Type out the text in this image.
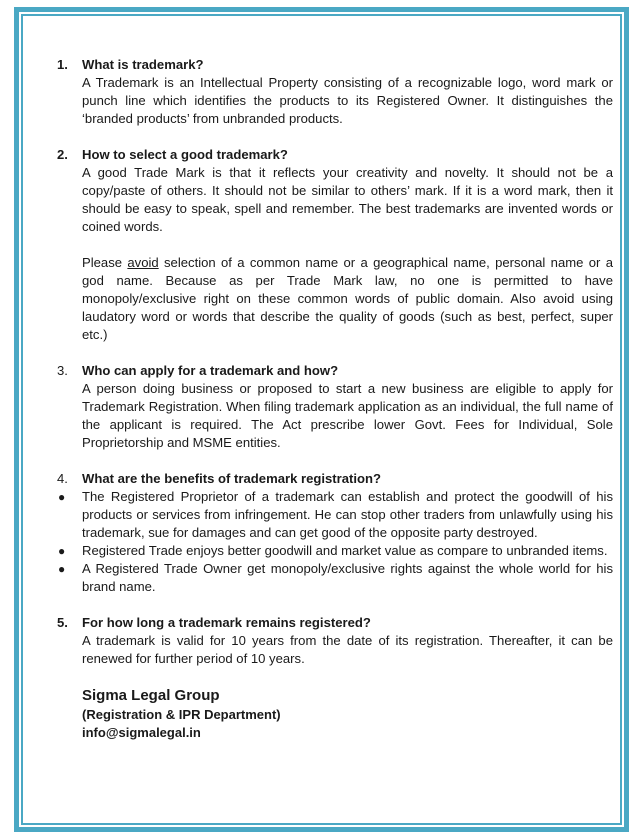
1. What is trademark?
A Trademark is an Intellectual Property consisting of a recognizable logo, word mark or punch line which identifies the products to its Registered Owner. It distinguishes the ‘branded products’ from unbranded products.
2. How to select a good trademark?
A good Trade Mark is that it reflects your creativity and novelty. It should not be a copy/paste of others. It should not be similar to others’ mark. If it is a word mark, then it should be easy to speak, spell and remember. The best trademarks are invented words or coined words.
Please avoid selection of a common name or a geographical name, personal name or a god name. Because as per Trade Mark law, no one is permitted to have monopoly/exclusive right on these common words of public domain. Also avoid using laudatory word or words that describe the quality of goods (such as best, perfect, super etc.)
3. Who can apply for a trademark and how?
A person doing business or proposed to start a new business are eligible to apply for Trademark Registration. When filing trademark application as an individual, the full name of the applicant is required. The Act prescribe lower Govt. Fees for Individual, Sole Proprietorship and MSME entities.
4. What are the benefits of trademark registration?
● The Registered Proprietor of a trademark can establish and protect the goodwill of his products or services from infringement. He can stop other traders from unlawfully using his trademark, sue for damages and can get good of the opposite party destroyed.
● Registered Trade enjoys better goodwill and market value as compare to unbranded items.
● A Registered Trade Owner get monopoly/exclusive rights against the whole world for his brand name.
5. For how long a trademark remains registered?
A trademark is valid for 10 years from the date of its registration. Thereafter, it can be renewed for further period of 10 years.
Sigma Legal Group
(Registration & IPR Department)
info@sigmalegal.in
